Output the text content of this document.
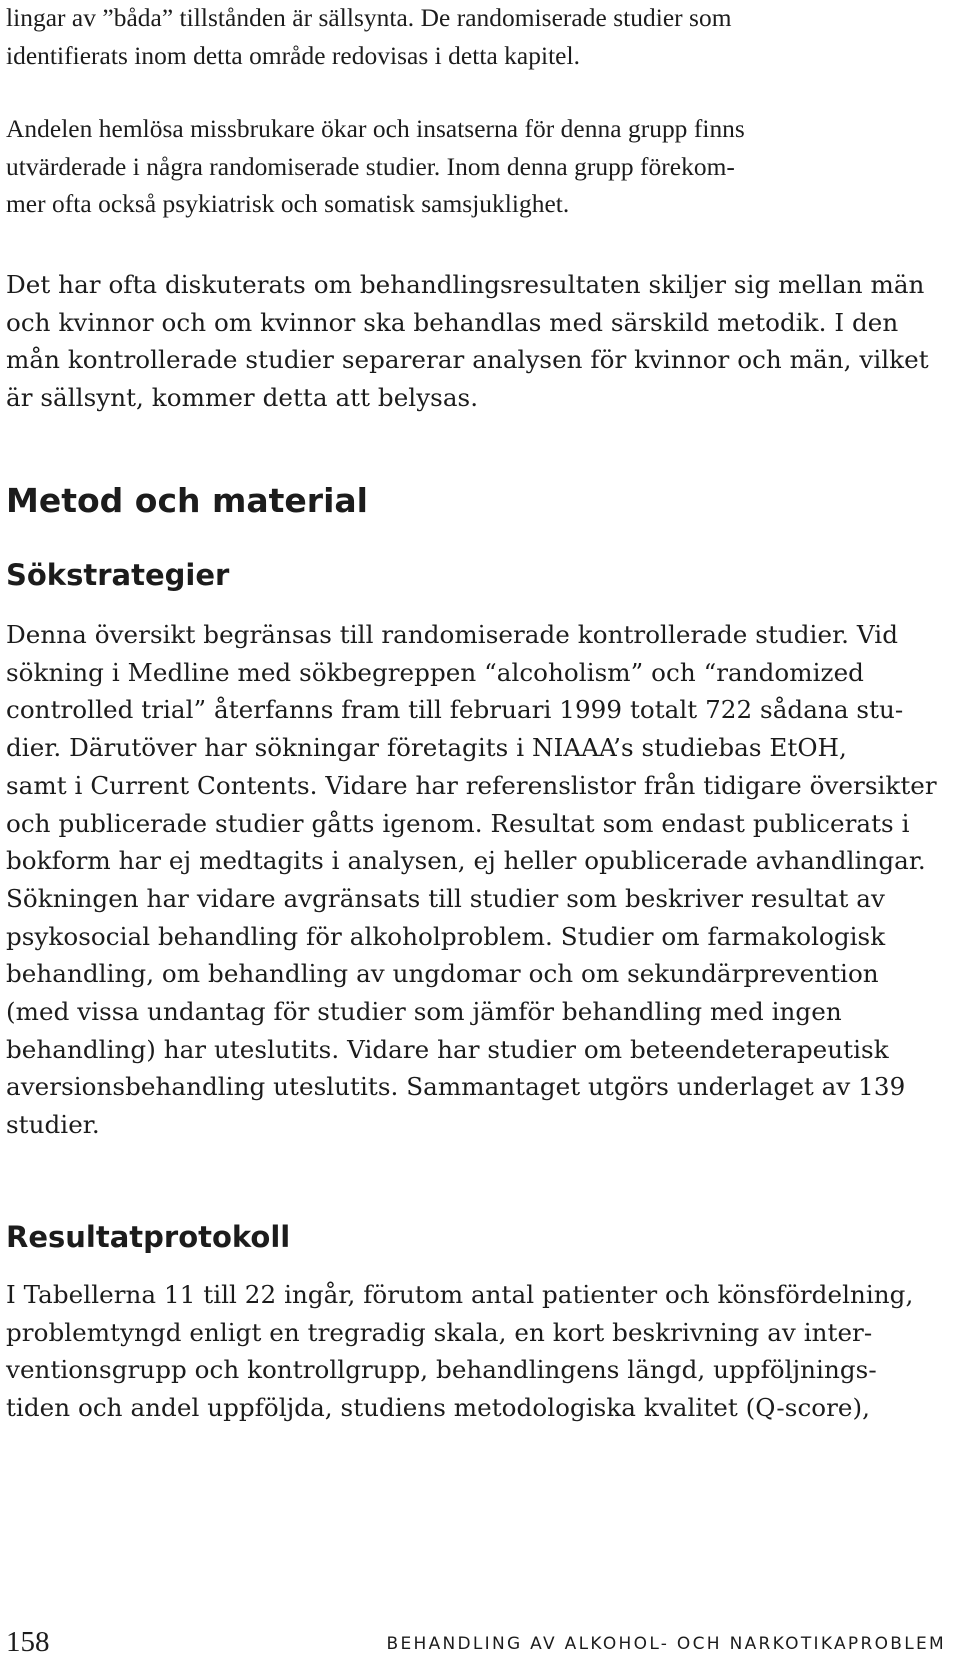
lingar av ”båda” tillstånden är sällsynta. De randomiserade studier som
identifierats inom detta område redovisas i detta kapitel.

Andelen hemlösa missbrukare ökar och insatserna för denna grupp finns
utvärderade i några randomiserade studier. Inom denna grupp förekom-
mer ofta också psykiatrisk och somatisk samsjuklighet.

Det har ofta diskuterats om behandlingsresultaten skiljer sig mellan män
och kvinnor och om kvinnor ska behandlas med särskild metodik. I den
mån kontrollerade studier separerar analysen för kvinnor och män, vilket
är sällsynt, kommer detta att belysas.

Metod och material
Sökstrategier

Denna översikt begränsas till randomiserade kontrollerade studier. Vid
sökning i Medline med sökbegreppen “alcoholism” och “randomized
controlled trial” återfanns fram till februari 1999 totalt 722 sådana stu-
dier. Därutöver har sökningar företagits i NIAAA’s studiebas EtOH,
samt i Current Contents. Vidare har referenslistor från tidigare översikter
och publicerade studier gåtts igenom. Resultat som endast publicerats i
bokform har ej medtagits i analysen, ej heller opublicerade avhandlingar.
Sökningen har vidare avgränsats till studier som beskriver resultat av
psykosocial behandling för alkoholproblem. Studier om farmakologisk
behandling, om behandling av ungdomar och om sekundärprevention
(med vissa undantag för studier som jämför behandling med ingen
behandling) har uteslutits. Vidare har studier om beteendeterapeutisk
aversionsbehandling uteslutits. Sammantaget utgörs underlaget av 139
studier.

Resultatprotokoll

I Tabellerna 11 till 22 ingår, förutom antal patienter och könsfördelning,
problemtyngd enligt en tregradig skala, en kort beskrivning av inter-
ventionsgrupp och kontrollgrupp, behandlingens längd, uppföljnings-
tiden och andel uppföljda, studiens metodologiska kvalitet (Q-score),

158	BEHANDLING AV ALKOHOL- OCH NARKOTIKAPROBLEM
